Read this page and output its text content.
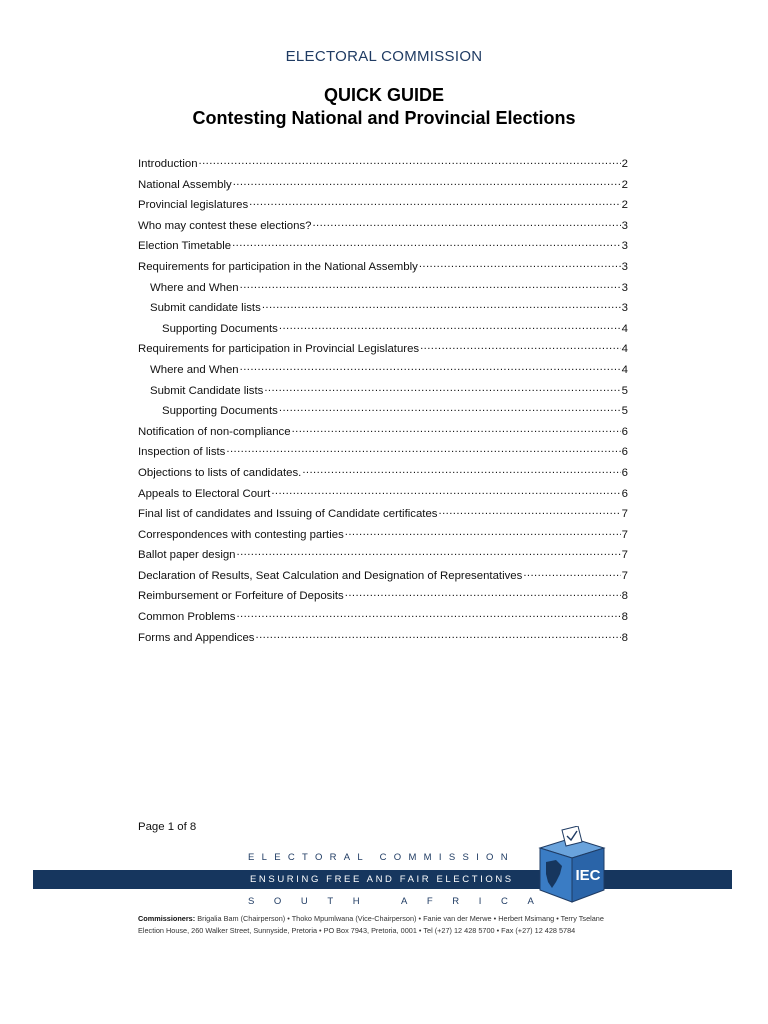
ELECTORAL COMMISSION
QUICK GUIDE
Contesting National and Provincial Elections
Introduction .....	2
National Assembly .....	2
Provincial legislatures .....	2
Who may contest these elections? .....	3
Election Timetable .....	3
Requirements for participation in the National Assembly .....	3
Where and When .....	3
Submit candidate lists .....	3
Supporting Documents .....	4
Requirements for participation in Provincial Legislatures .....	4
Where and When .....	4
Submit Candidate lists .....	5
Supporting Documents .....	5
Notification of non-compliance .....	6
Inspection of lists .....	6
Objections to lists of candidates. .....	6
Appeals to Electoral Court .....	6
Final list of candidates and Issuing of Candidate certificates .....	7
Correspondences with contesting parties .....	7
Ballot paper design .....	7
Declaration of Results, Seat Calculation and Designation of Representatives .....	7
Reimbursement or Forfeiture of Deposits .....	8
Common Problems .....	8
Forms and Appendices .....	8
Page 1 of 8
ELECTORAL COMMISSION
ENSURING FREE AND FAIR ELECTIONS
SOUTH AFRICA
IEC
Commissioners: Brigalia Bam (Chairperson) • Thoko Mpumlwana (Vice-Chairperson) • Fanie van der Merwe • Herbert Msimang • Terry Tselane
Election House, 260 Walker Street, Sunnyside, Pretoria • PO Box 7943, Pretoria, 0001 • Tel (+27) 12 428 5700 • Fax (+27) 12 428 5784
